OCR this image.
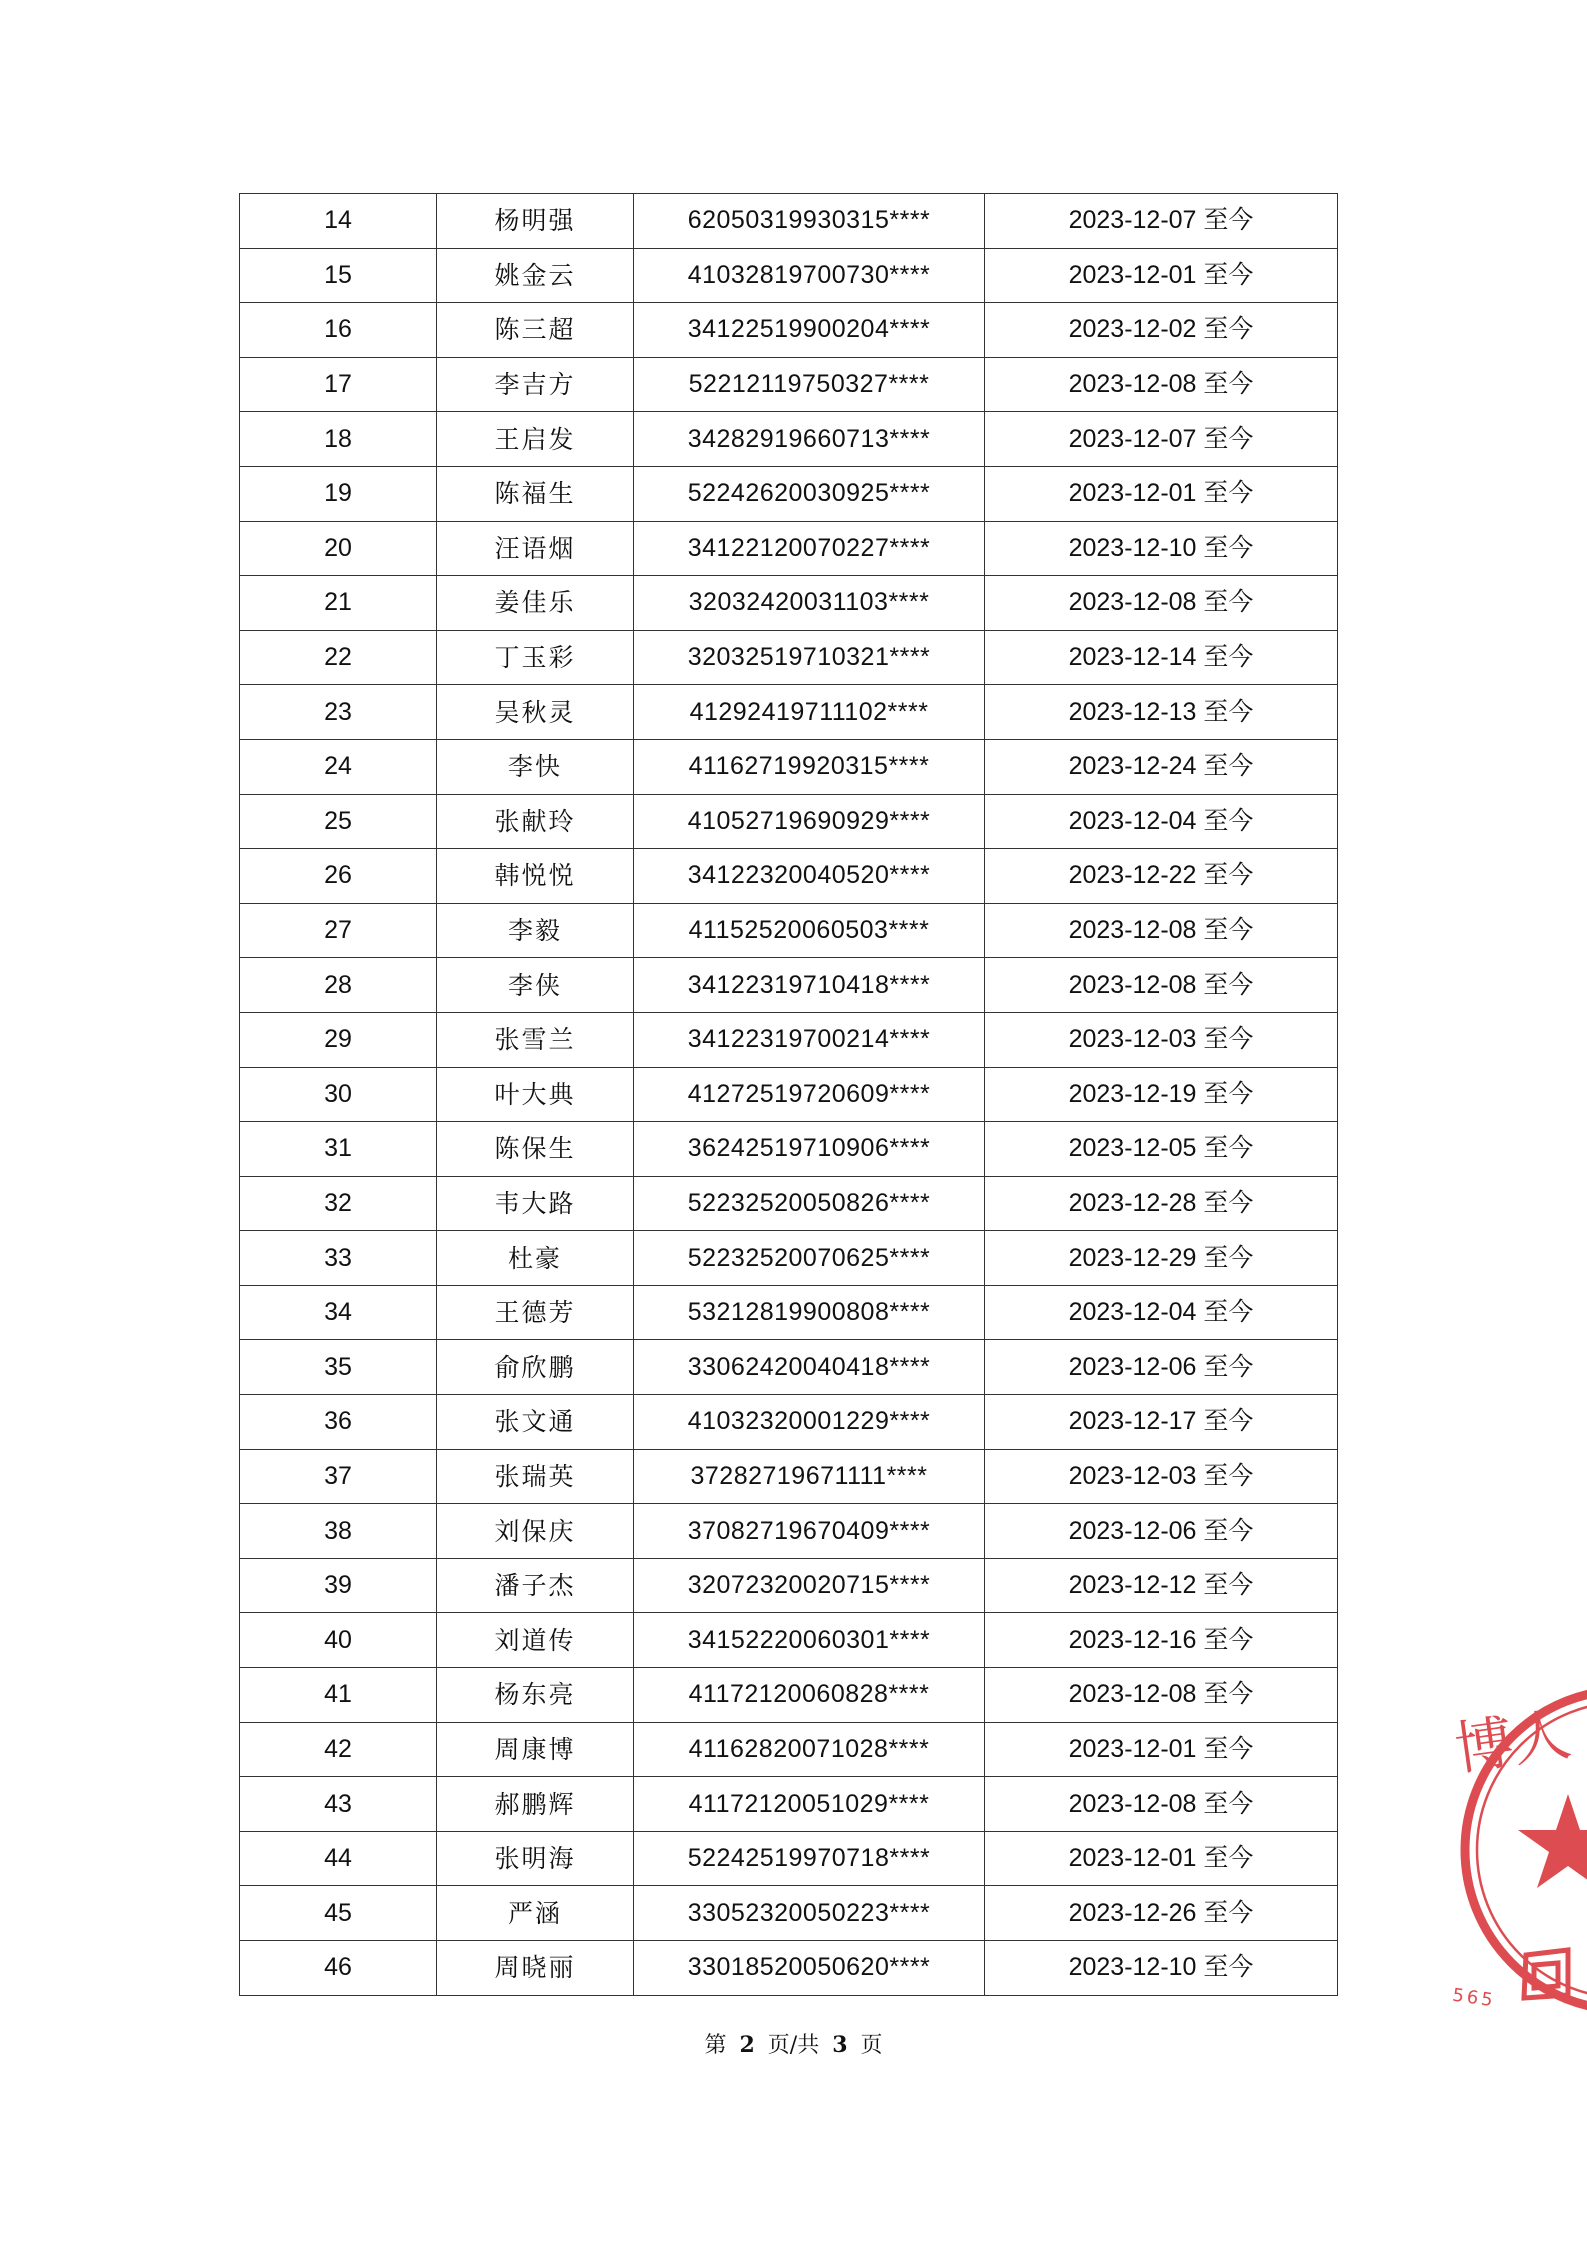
14	杨明强	62050319930315****	2023-12-07 至今
15	姚金云	41032819700730****	2023-12-01 至今
16	陈三超	34122519900204****	2023-12-02 至今
17	李吉方	52212119750327****	2023-12-08 至今
18	王启发	34282919660713****	2023-12-07 至今
19	陈福生	52242620030925****	2023-12-01 至今
20	汪语烟	34122120070227****	2023-12-10 至今
21	姜佳乐	32032420031103****	2023-12-08 至今
22	丁玉彩	32032519710321****	2023-12-14 至今
23	吴秋灵	41292419711102****	2023-12-13 至今
24	李快	41162719920315****	2023-12-24 至今
25	张献玲	41052719690929****	2023-12-04 至今
26	韩悦悦	34122320040520****	2023-12-22 至今
27	李毅	41152520060503****	2023-12-08 至今
28	李侠	34122319710418****	2023-12-08 至今
29	张雪兰	34122319700214****	2023-12-03 至今
30	叶大典	41272519720609****	2023-12-19 至今
31	陈保生	36242519710906****	2023-12-05 至今
32	韦大路	52232520050826****	2023-12-28 至今
33	杜豪	52232520070625****	2023-12-29 至今
34	王德芳	53212819900808****	2023-12-04 至今
35	俞欣鹏	33062420040418****	2023-12-06 至今
36	张文通	41032320001229****	2023-12-17 至今
37	张瑞英	37282719671111****	2023-12-03 至今
38	刘保庆	37082719670409****	2023-12-06 至今
39	潘子杰	32072320020715****	2023-12-12 至今
40	刘道传	34152220060301****	2023-12-16 至今
41	杨东亮	41172120060828****	2023-12-08 至今
42	周康博	41162820071028****	2023-12-01 至今
43	郝鹏辉	41172120051029****	2023-12-08 至今
44	张明海	52242519970718****	2023-12-01 至今
45	严涵	33052320050223****	2023-12-26 至今
46	周晓丽	33018520050620****	2023-12-10 至今
第 2 页/共 3 页
博人
565
